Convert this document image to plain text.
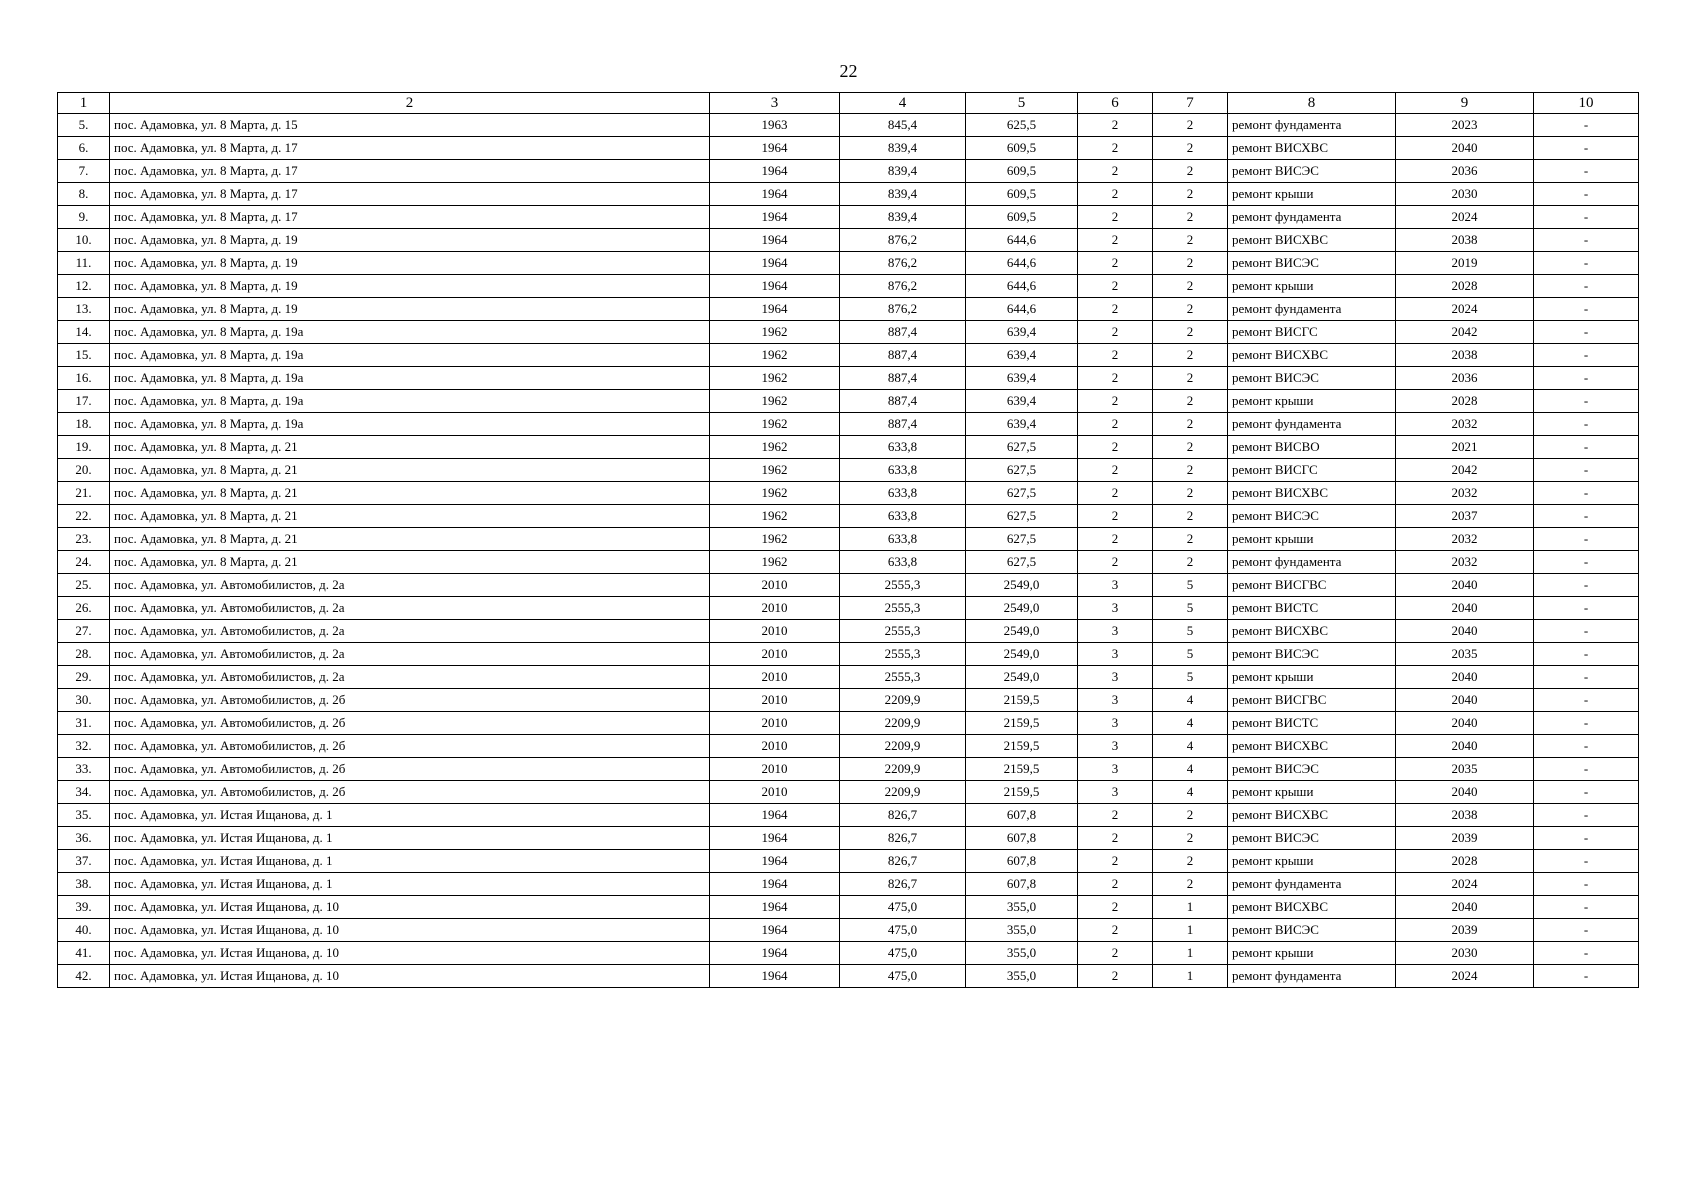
22
1	2	3	4	5	6	7	8	9	10
5.	пос. Адамовка, ул. 8 Марта, д. 15	1963	845,4	625,5	2	2	ремонт фундамента	2023	-
6.	пос. Адамовка, ул. 8 Марта, д. 17	1964	839,4	609,5	2	2	ремонт ВИСХВС	2040	-
7.	пос. Адамовка, ул. 8 Марта, д. 17	1964	839,4	609,5	2	2	ремонт ВИСЭС	2036	-
8.	пос. Адамовка, ул. 8 Марта, д. 17	1964	839,4	609,5	2	2	ремонт крыши	2030	-
9.	пос. Адамовка, ул. 8 Марта, д. 17	1964	839,4	609,5	2	2	ремонт фундамента	2024	-
10.	пос. Адамовка, ул. 8 Марта, д. 19	1964	876,2	644,6	2	2	ремонт ВИСХВС	2038	-
11.	пос. Адамовка, ул. 8 Марта, д. 19	1964	876,2	644,6	2	2	ремонт ВИСЭС	2019	-
12.	пос. Адамовка, ул. 8 Марта, д. 19	1964	876,2	644,6	2	2	ремонт крыши	2028	-
13.	пос. Адамовка, ул. 8 Марта, д. 19	1964	876,2	644,6	2	2	ремонт фундамента	2024	-
14.	пос. Адамовка, ул. 8 Марта, д. 19а	1962	887,4	639,4	2	2	ремонт ВИСГС	2042	-
15.	пос. Адамовка, ул. 8 Марта, д. 19а	1962	887,4	639,4	2	2	ремонт ВИСХВС	2038	-
16.	пос. Адамовка, ул. 8 Марта, д. 19а	1962	887,4	639,4	2	2	ремонт ВИСЭС	2036	-
17.	пос. Адамовка, ул. 8 Марта, д. 19а	1962	887,4	639,4	2	2	ремонт крыши	2028	-
18.	пос. Адамовка, ул. 8 Марта, д. 19а	1962	887,4	639,4	2	2	ремонт фундамента	2032	-
19.	пос. Адамовка, ул. 8 Марта, д. 21	1962	633,8	627,5	2	2	ремонт ВИСВО	2021	-
20.	пос. Адамовка, ул. 8 Марта, д. 21	1962	633,8	627,5	2	2	ремонт ВИСГС	2042	-
21.	пос. Адамовка, ул. 8 Марта, д. 21	1962	633,8	627,5	2	2	ремонт ВИСХВС	2032	-
22.	пос. Адамовка, ул. 8 Марта, д. 21	1962	633,8	627,5	2	2	ремонт ВИСЭС	2037	-
23.	пос. Адамовка, ул. 8 Марта, д. 21	1962	633,8	627,5	2	2	ремонт крыши	2032	-
24.	пос. Адамовка, ул. 8 Марта, д. 21	1962	633,8	627,5	2	2	ремонт фундамента	2032	-
25.	пос. Адамовка, ул. Автомобилистов, д. 2а	2010	2555,3	2549,0	3	5	ремонт ВИСГВС	2040	-
26.	пос. Адамовка, ул. Автомобилистов, д. 2а	2010	2555,3	2549,0	3	5	ремонт ВИСТС	2040	-
27.	пос. Адамовка, ул. Автомобилистов, д. 2а	2010	2555,3	2549,0	3	5	ремонт ВИСХВС	2040	-
28.	пос. Адамовка, ул. Автомобилистов, д. 2а	2010	2555,3	2549,0	3	5	ремонт ВИСЭС	2035	-
29.	пос. Адамовка, ул. Автомобилистов, д. 2а	2010	2555,3	2549,0	3	5	ремонт крыши	2040	-
30.	пос. Адамовка, ул. Автомобилистов, д. 2б	2010	2209,9	2159,5	3	4	ремонт ВИСГВС	2040	-
31.	пос. Адамовка, ул. Автомобилистов, д. 2б	2010	2209,9	2159,5	3	4	ремонт ВИСТС	2040	-
32.	пос. Адамовка, ул. Автомобилистов, д. 2б	2010	2209,9	2159,5	3	4	ремонт ВИСХВС	2040	-
33.	пос. Адамовка, ул. Автомобилистов, д. 2б	2010	2209,9	2159,5	3	4	ремонт ВИСЭС	2035	-
34.	пос. Адамовка, ул. Автомобилистов, д. 2б	2010	2209,9	2159,5	3	4	ремонт крыши	2040	-
35.	пос. Адамовка, ул. Истая Ищанова, д. 1	1964	826,7	607,8	2	2	ремонт ВИСХВС	2038	-
36.	пос. Адамовка, ул. Истая Ищанова, д. 1	1964	826,7	607,8	2	2	ремонт ВИСЭС	2039	-
37.	пос. Адамовка, ул. Истая Ищанова, д. 1	1964	826,7	607,8	2	2	ремонт крыши	2028	-
38.	пос. Адамовка, ул. Истая Ищанова, д. 1	1964	826,7	607,8	2	2	ремонт фундамента	2024	-
39.	пос. Адамовка, ул. Истая Ищанова, д. 10	1964	475,0	355,0	2	1	ремонт ВИСХВС	2040	-
40.	пос. Адамовка, ул. Истая Ищанова, д. 10	1964	475,0	355,0	2	1	ремонт ВИСЭС	2039	-
41.	пос. Адамовка, ул. Истая Ищанова, д. 10	1964	475,0	355,0	2	1	ремонт крыши	2030	-
42.	пос. Адамовка, ул. Истая Ищанова, д. 10	1964	475,0	355,0	2	1	ремонт фундамента	2024	-
